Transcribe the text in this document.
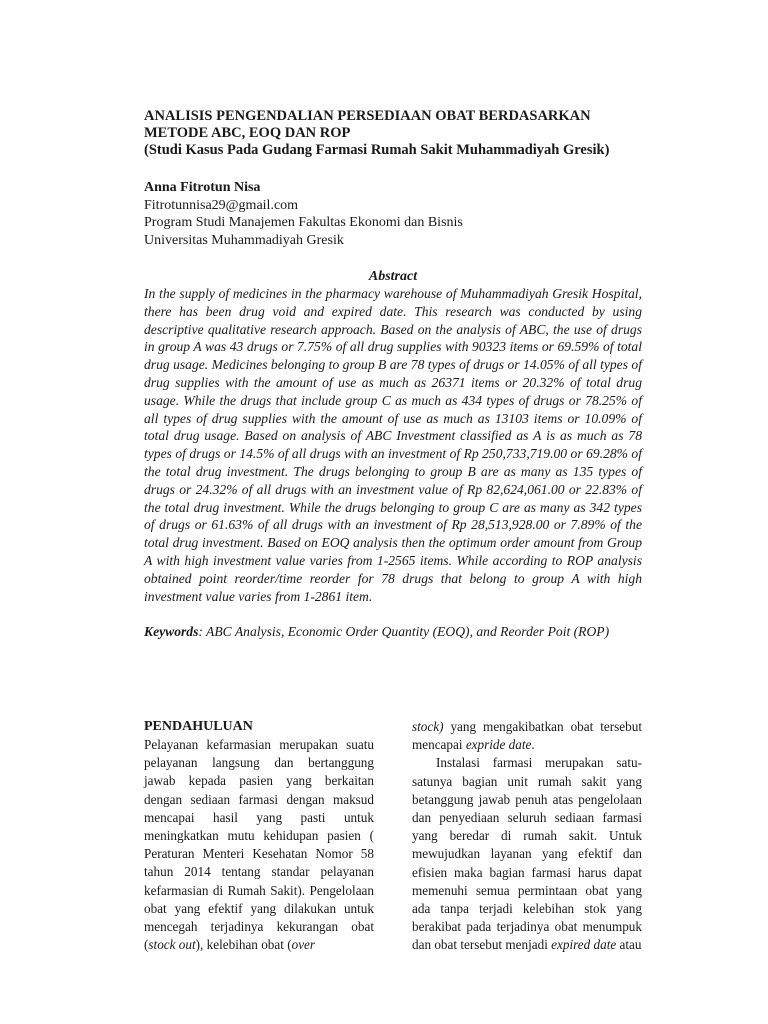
ANALISIS PENGENDALIAN PERSEDIAAN OBAT BERDASARKAN

METODE ABC, EOQ DAN ROP

(Studi Kasus Pada Gudang Farmasi Rumah Sakit Muhammadiyah Gresik)

Anna Fitrotun Nisa
Fitrotunnisa29@gmail.com
Program Studi Manajemen Fakultas Ekonomi dan Bisnis
Universitas Muhammadiyah Gresik
Abstract
In the supply of medicines in the pharmacy warehouse of Muhammadiyah Gresik Hospital, there has been drug void and expired date. This research was conducted by using descriptive qualitative research approach. Based on the analysis of ABC, the use of drugs in group A was 43 drugs or 7.75% of all drug supplies with 90323 items or 69.59% of total drug usage. Medicines belonging to group B are 78 types of drugs or 14.05% of all types of drug supplies with the amount of use as much as 26371 items or 20.32% of total drug usage. While the drugs that include group C as much as 434 types of drugs or 78.25% of all types of drug supplies with the amount of use as much as 13103 items or 10.09% of total drug usage. Based on analysis of ABC Investment classified as A is as much as 78 types of drugs or 14.5% of all drugs with an investment of Rp 250,733,719.00 or 69.28% of the total drug investment. The drugs belonging to group B are as many as 135 types of drugs or 24.32% of all drugs with an investment value of Rp 82,624,061.00 or 22.83% of the total drug investment. While the drugs belonging to group C are as many as 342 types of drugs or 61.63% of all drugs with an investment of Rp 28,513,928.00 or 7.89% of the total drug investment. Based on EOQ analysis then the optimum order amount from Group A with high investment value varies from 1-2565 items. While according to ROP analysis obtained point reorder/time reorder for 78 drugs that belong to group A with high investment value varies from 1-2861 item.
Keywords: ABC Analysis, Economic Order Quantity (EOQ), and Reorder Poit (ROP)

PENDAHULUAN

Pelayanan kefarmasian merupakan suatu pelayanan langsung dan bertanggung jawab kepada pasien yang berkaitan dengan sediaan farmasi dengan maksud mencapai hasil yang pasti untuk meningkatkan mutu kehidupan pasien ( Peraturan Menteri Kesehatan Nomor 58 tahun 2014 tentang standar pelayanan kefarmasian di Rumah Sakit). Pengelolaan obat yang efektif yang dilakukan untuk mencegah terjadinya kekurangan obat (stock out), kelebihan obat (over

stock) yang mengakibatkan obat tersebut mencapai expride date.

Instalasi farmasi merupakan satu-satunya bagian unit rumah sakit yang betanggung jawab penuh atas pengelolaan dan penyediaan seluruh sediaan farmasi yang beredar di rumah sakit. Untuk mewujudkan layanan yang efektif dan efisien maka bagian farmasi harus dapat memenuhi semua permintaan obat yang ada tanpa terjadi kelebihan stok yang berakibat pada terjadinya obat menumpuk dan obat tersebut menjadi expired date atau
